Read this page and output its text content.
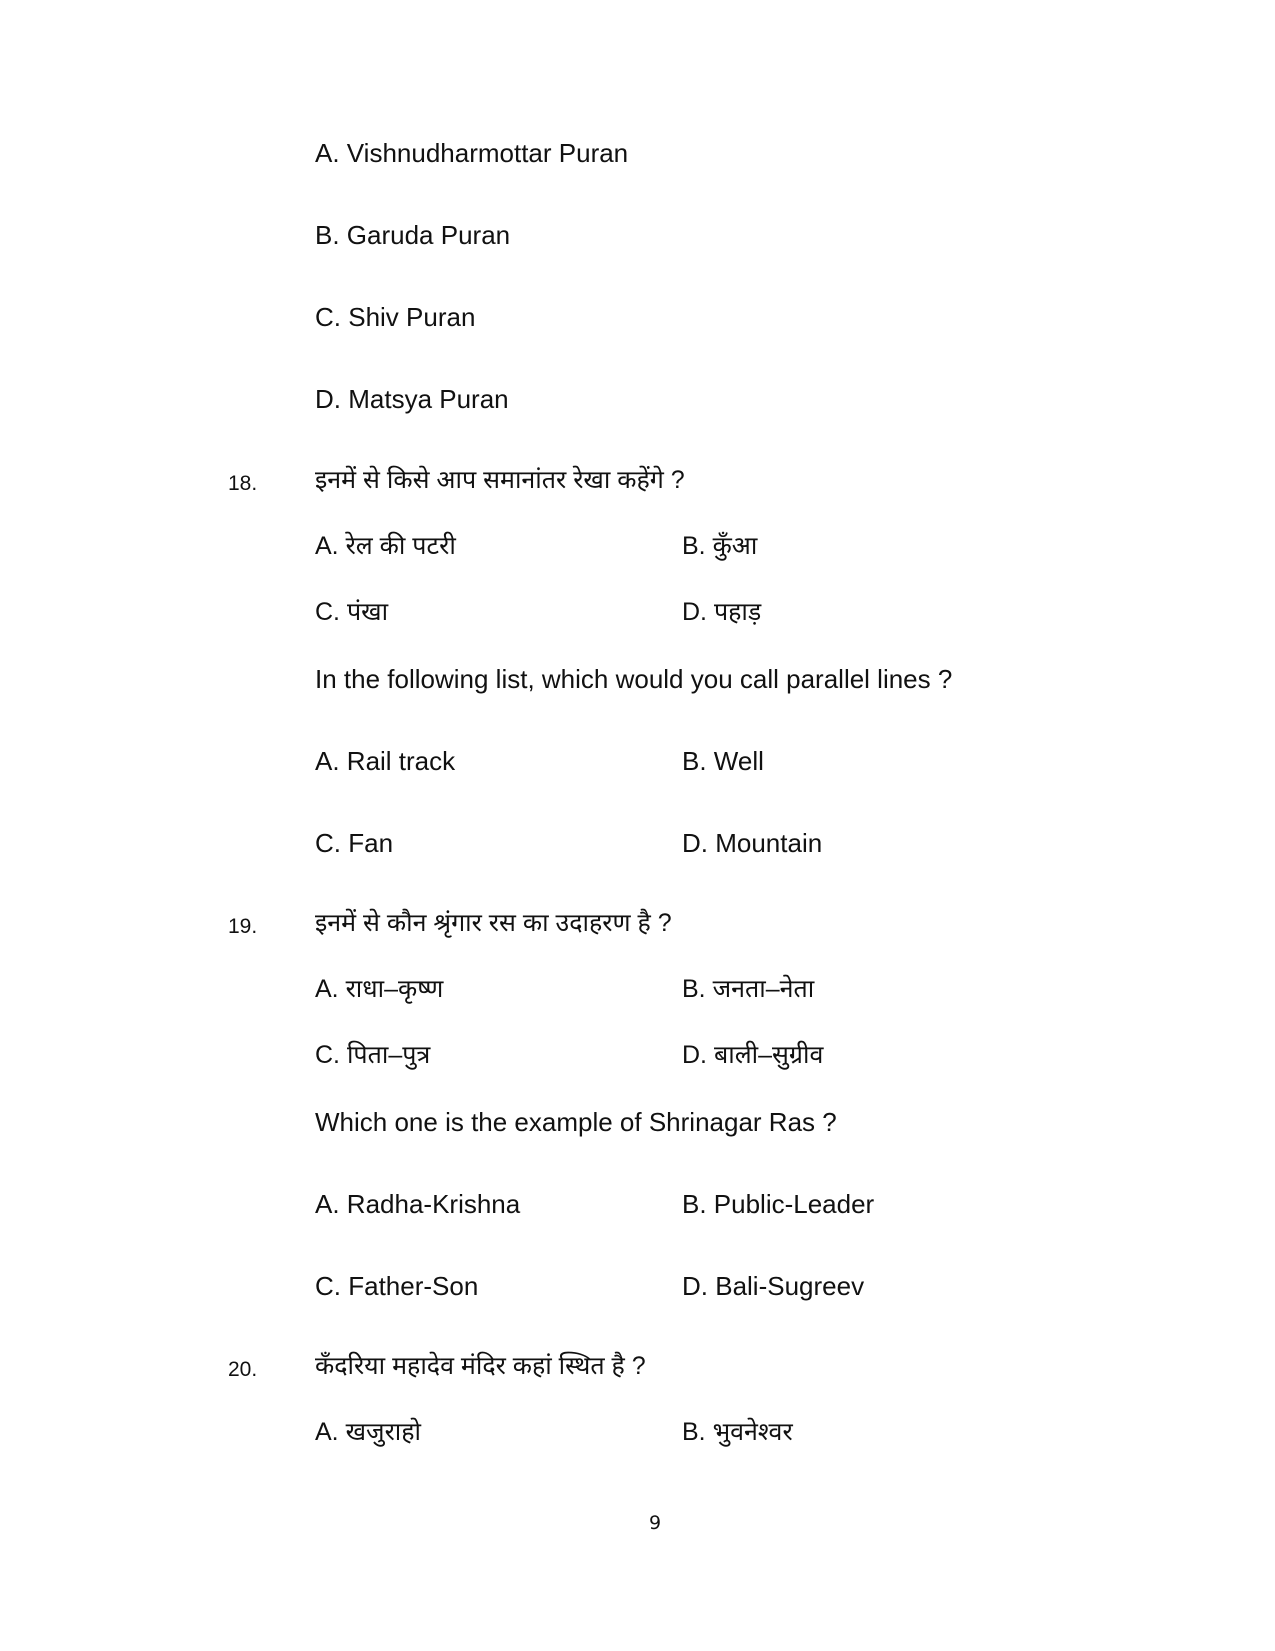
A. Vishnudharmottar Puran
B. Garuda Puran
C. Shiv Puran
D. Matsya Puran
18. इनमें से किसे आप समानांतर रेखा कहेंगे ?
A. रेल की पटरी	B. कुँआ
C. पंखा	D. पहाड़
In the following list, which would you call parallel lines ?
A. Rail track	B. Well
C. Fan	D. Mountain
19. इनमें से कौन श्रृंगार रस का उदाहरण है ?
A. राधा–कृष्ण	B. जनता–नेता
C. पिता–पुत्र	D. बाली–सुग्रीव
Which one is the example of Shrinagar Ras ?
A. Radha-Krishna	B. Public-Leader
C. Father-Son	D. Bali-Sugreev
20. कँदरिया महादेव मंदिर कहां स्थित है ?
A. खजुराहो	B. भुवनेश्वर
9
